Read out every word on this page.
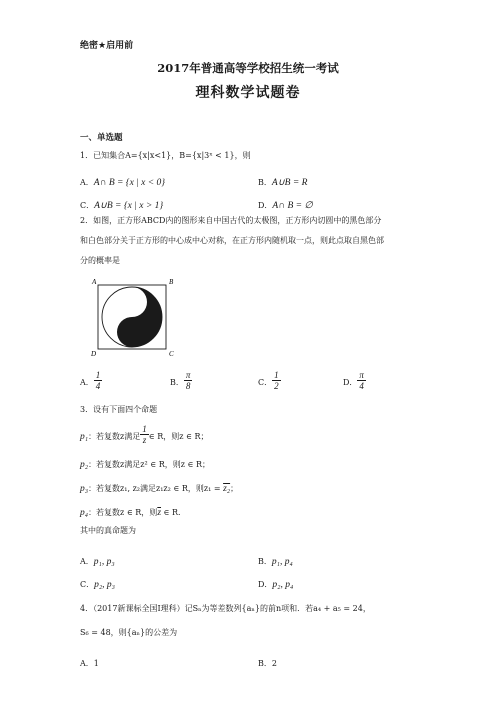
绝密★启用前
2017年普通高等学校招生统一考试
理科数学试题卷
一、单选题
1．已知集合A={x|x<1}，B={x|3ˣ < 1}，则
A．A∩ B = {x | x < 0}	B．A∪B = R
C．A∪B = {x | x > 1}	D．A∩ B = ∅
2．如图，正方形ABCD内的图形来自中国古代的太极图，正方形内切圆中的黑色部分
和白色部分关于正方形的中心成中心对称，在正方形内随机取一点，则此点取自黑色部
分的概率是
A	B
C
D
A． $\frac{1}{4}$	B． $\frac{\pi}{8}$	C． $\frac{1}{2}$	D． $\frac{\pi}{4}$
3．设有下面四个命题
p₁：若复数z满足 $\frac{1}{z}$ ∈ R，则z ∈ R；
p₂：若复数z满足z² ∈ R，则z ∈ R；
p₃：若复数z₁, z₂满足z₁z₂ ∈ R，则z₁ = z₂；
p₄：若复数z ∈ R，则$\overline{z}$ ∈ R.
其中的真命题为
A．p₁, p₃	B．p₁, p₄
C．p₂, p₃	D．p₂, p₄
4．（2017新课标全国Ⅰ理科）记Sₙ为等差数列{aₙ}的前n项和．若a₄ + a₅ = 24，
S₆ = 48，则{aₙ}的公差为
A．1	B．2
